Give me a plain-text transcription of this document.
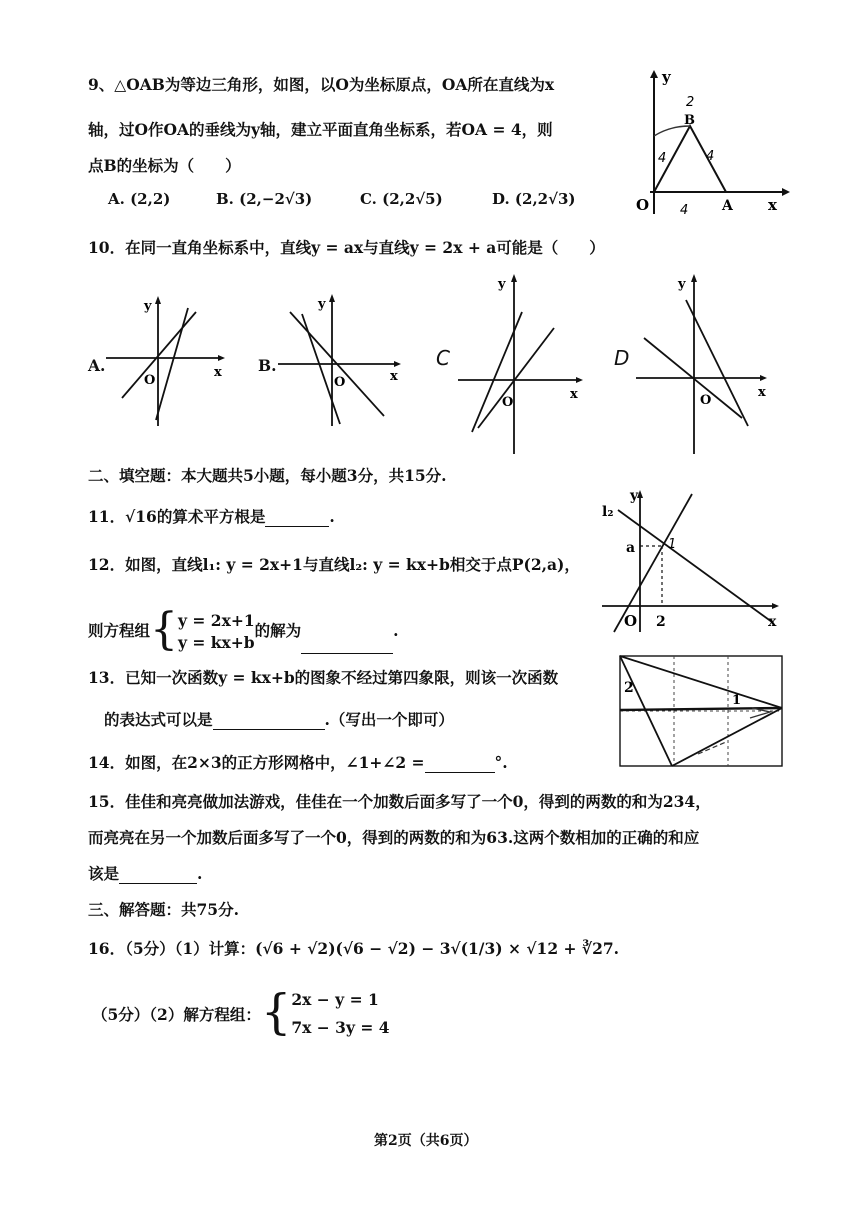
9、△OAB为等边三角形，如图，以O为坐标原点，OA所在直线为x
轴，过O作OA的垂线为y轴，建立平面直角坐标系，若OA = 4，则
点B的坐标为（　　）
A. (2,2)	B. (2,−2√3)	C. (2,2√5)	D. (2,2√3)
y
B
O	A x
2
4	4
4
10．在同一直角坐标系中，直线y = ax与直线y = 2x + a可能是（　　）
A.
y
O
x B.
y
O	x
C
y
O
x
D
y
O
x
二、填空题：本大题共5小题，每小题3分，共15分.
11．√16的算术平方根是	.
12．如图，直线l₁: y = 2x+1与直线l₂: y = kx+b相交于点P(2,a)，
则方程组{ y = 2x+1
y = kx+b
的解为	.
l₂
y
a	1
O 2	x
13．已知一次函数y = kx+b的图象不经过第四象限，则该一次函数
的表达式可以是	.（写出一个即可）
2
1
14．如图，在2×3的正方形网格中，∠1+∠2 =	°.
15．佳佳和亮亮做加法游戏，佳佳在一个加数后面多写了一个0，得到的两数的和为234，
而亮亮在另一个加数后面多写了一个0，得到的两数的和为63.这两个数相加的正确的和应
该是	.
三、解答题：共75分.
16．（5分）（1）计算：(√6 + √2)(√6 − √2) − 3√(1/3) × √12 + ∛27.
（5分）（2）解方程组：{ 2x − y = 1
7x − 3y = 4
第2页（共6页）
